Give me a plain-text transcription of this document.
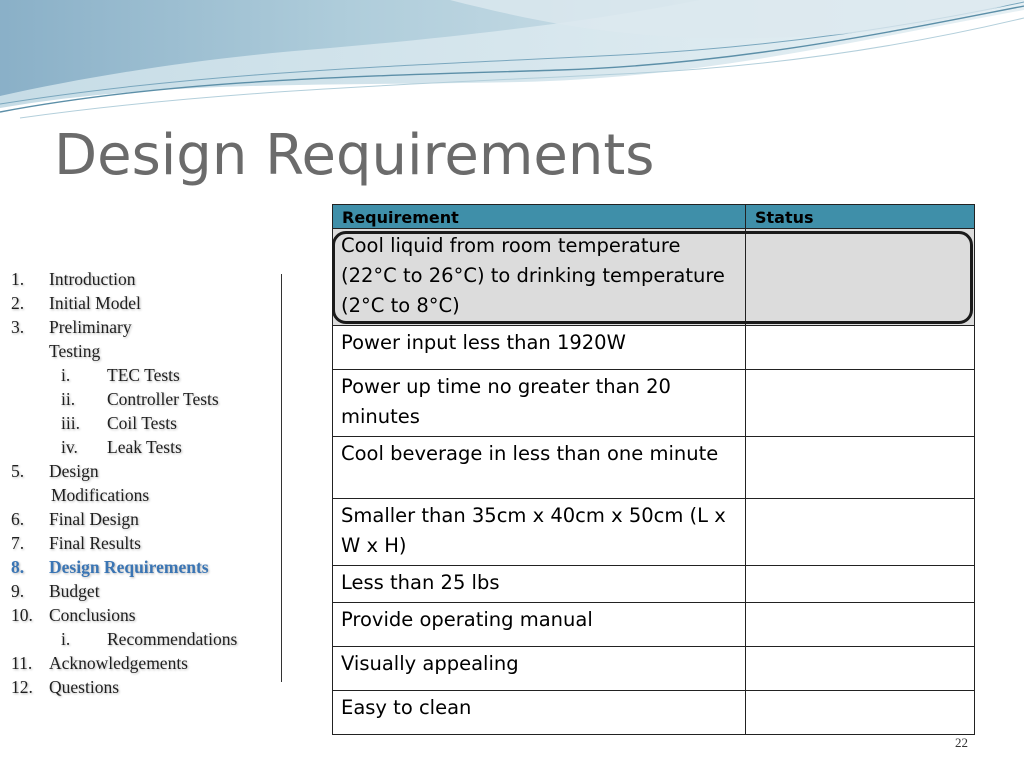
Design Requirements
1. Introduction
2. Initial Model
3. Preliminary
Testing
i. TEC Tests
ii. Controller Tests
iii. Coil Tests
iv. Leak Tests
5. Design
Modifications
6. Final Design
7. Final Results
8. Design Requirements
9. Budget
10. Conclusions
i. Recommendations
11. Acknowledgements
12. Questions
Requirement	Status
Cool liquid from room temperature (22°C to 26°C) to drinking temperature (2°C to 8°C)	
Power input less than 1920W	
Power up time no greater than 20 minutes	
Cool beverage in less than one minute	
Smaller than 35cm x 40cm x 50cm (L x W x H)	
Less than 25 lbs	
Provide operating manual	
Visually appealing	
Easy to clean	
22
